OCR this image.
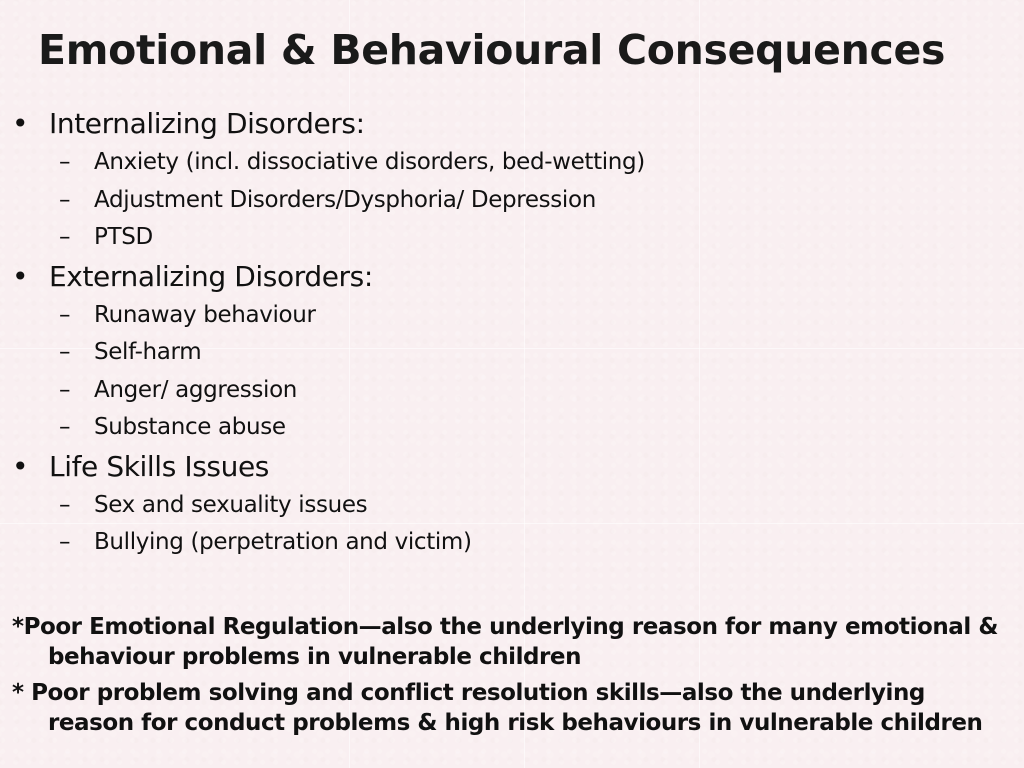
Emotional & Behavioural Consequences
• Internalizing Disorders:
– Anxiety (incl. dissociative disorders, bed-wetting)
– Adjustment Disorders/Dysphoria/ Depression
– PTSD
• Externalizing Disorders:
– Runaway behaviour
– Self-harm
– Anger/ aggression
– Substance abuse
• Life Skills Issues
– Sex and sexuality issues
– Bullying (perpetration and victim)
*Poor Emotional Regulation—also the underlying reason for many emotional & behaviour problems in vulnerable children
* Poor problem solving and conflict resolution skills—also the underlying reason for conduct problems & high risk behaviours in vulnerable children
